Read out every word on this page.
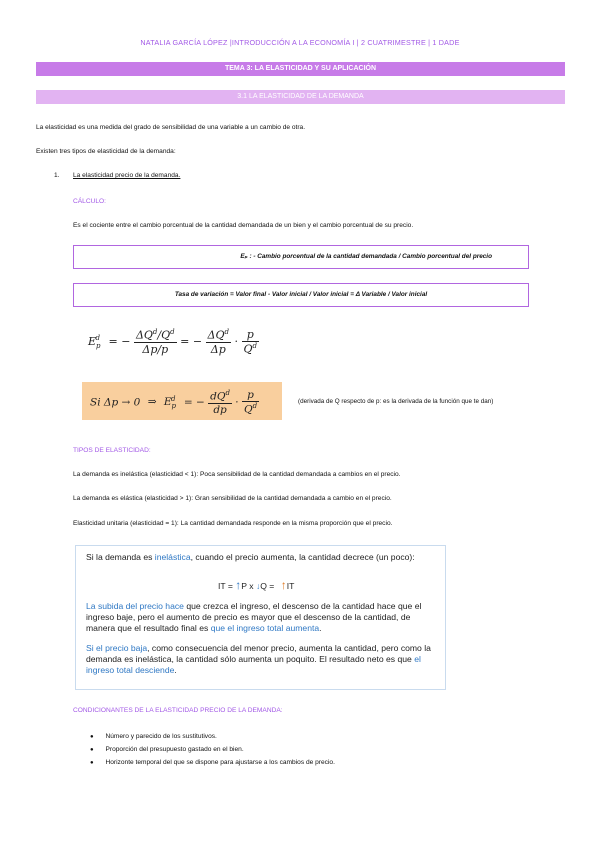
NATALIA GARCÍA LÓPEZ |INTRODUCCIÓN A LA ECONOMÍA I | 2 CUATRIMESTRE | 1 DADE
TEMA 3: LA ELASTICIDAD Y SU APLICACIÓN
3.1 LA ELASTICIDAD DE LA DEMANDA
La elasticidad es una medida del grado de sensibilidad de una variable a un cambio de otra.
Existen tres tipos de elasticidad de la demanda:
1. La elasticidad precio de la demanda.
CÁLCULO:
Es el cociente entre el cambio porcentual de la cantidad demandada de un bien y el cambio porcentual de su precio.
Eₚ : - Cambio porcentual de la cantidad demandada / Cambio porcentual del precio
Tasa de variación = Valor final - Valor inicial / Valor inicial = Δ Variable / Valor inicial
$E_p^d$ = − $\frac{\Delta Q^d/Q^d}{\Delta p/p}$ = − $\frac{\Delta Q^d}{\Delta p} \cdot \frac{p}{Q^d}$
Si Δp → 0 ⇒ $E_p^d$ = − $\frac{dQ^d}{dp} \cdot \frac{p}{Q^d}$	(derivada de Q respecto de p: es la derivada de la función que te dan)
TIPOS DE ELASTICIDAD:
La demanda es inelástica (elasticidad < 1): Poca sensibilidad de la cantidad demandada a cambios en el precio.
La demanda es elástica (elasticidad > 1): Gran sensibilidad de la cantidad demandada a cambio en el precio.
Elasticidad unitaria (elasticidad = 1): La cantidad demandada responde en la misma proporción que el precio.
Si la demanda es inelástica, cuando el precio aumenta, la cantidad decrece (un poco):
IT = ↑P x ↓Q = ↑IT
La subida del precio hace que crezca el ingreso, el descenso de la cantidad hace que el ingreso baje, pero el aumento de precio es mayor que el descenso de la cantidad, de manera que el resultado final es que el ingreso total aumenta.
Si el precio baja, como consecuencia del menor precio, aumenta la cantidad, pero como la demanda es inelástica, la cantidad sólo aumenta un poquito. El resultado neto es que el ingreso total desciende.
CONDICIONANTES DE LA ELASTICIDAD PRECIO DE LA DEMANDA:
● Número y parecido de los sustitutivos.
● Proporción del presupuesto gastado en el bien.
● Horizonte temporal del que se dispone para ajustarse a los cambios de precio.
